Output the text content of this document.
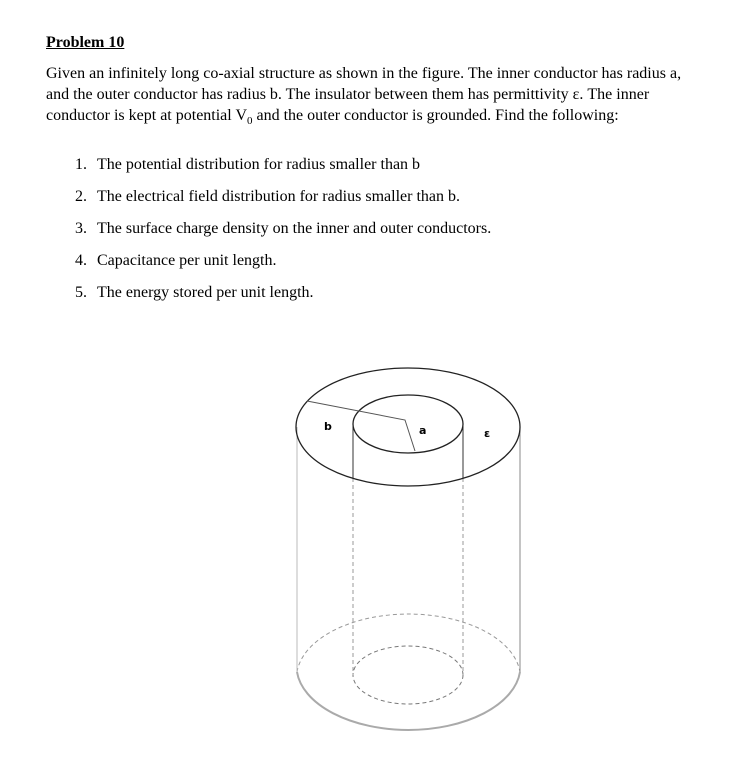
Problem 10
Given an infinitely long co-axial structure as shown in the figure. The inner conductor has radius a, and the outer conductor has radius b. The insulator between them has permittivity ε. The inner conductor is kept at potential $V_0$ and the outer conductor is grounded. Find the following:
1. The potential distribution for radius smaller than b
2. The electrical field distribution for radius smaller than b.
3. The surface charge density on the inner and outer conductors.
4. Capacitance per unit length.
5. The energy stored per unit length.
b	a	ε
